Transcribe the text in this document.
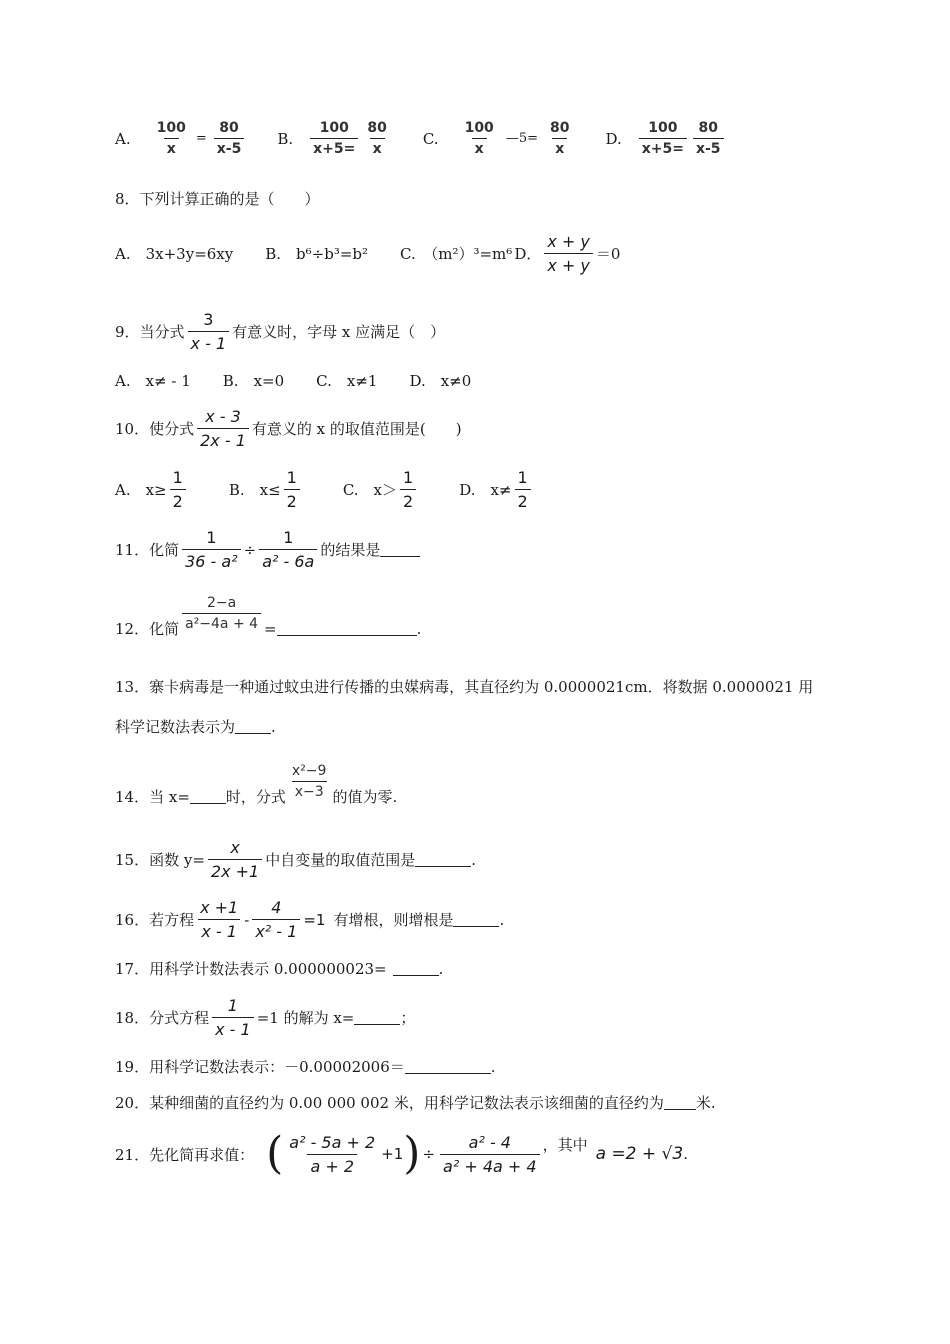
A. $\frac{100}{x} = \frac{80}{x-5} B$. $\frac{100}{x+5=} \frac{80}{x} C$. $\frac{100}{x}$ —5= $\frac{80}{x} D$. $\frac{100}{x+5=} \frac{80}{x-5}$
8．下列计算正确的是（　　）
A.　3x+3y=6xy B.　b⁶÷b³=b² C.　（m²）³=m⁶ D． $\frac{x + y}{x + y} =0$
9．当分式 $\frac{3}{x - 1}$ 有意义时，字母 x 应满足（　）
A.　x≠ - 1 B.　x=0 C.　x≠1 D.　x≠0
10．使分式 $\frac{x - 3}{2x - 1}$ 有意义的 x 的取值范围是(　　)
A.　$x\ge \frac{1}{2}$	B.　$x\le \frac{1}{2}$	C.　$x> \frac{1}{2}$	D.　$x\ne \frac{1}{2}$
11．化简 $\frac{1}{\text{36 - a²}} \div \frac{1}{\text{a² - 6a}}$ 的结果是
12．化简 $\frac{2-a}{\text{a²−4a + 4}}$ =	.
13．寨卡病毒是一种通过蚊虫进行传播的虫媒病毒，其直径约为 0.0000021cm．将数据 0.0000021 用
科学记数法表示为 .
14．当 x= 时，分式 $\frac{\text{x²−9}}{x-3}$ 的值为零.
15．函数 $y= \frac{x}{2x +1}$ 中自变量的取值范围是	.
16．若方程 $\frac{x +1}{x - 1} - \frac{4}{\text{x² - 1}} =1$ 有增根，则增根是	.
17．用科学计数法表示 0.000000023=	.
18．分式方程 $\frac{1}{x - 1} =1$ 的解为 x=	；
19．用科学记数法表示：－0.00002006＝	.
20．某种细菌的直径约为 0.00 000 002 米，用科学记数法表示该细菌的直径约为 米.
21．先化简再求值： ( $\frac{\text{a² - 5a + 2}}{a + 2} +1$ ) ÷ $\frac{\text{a² - 4}}{\text{a² + 4a + 4}}$ ，其中 a =2 + √3 .
